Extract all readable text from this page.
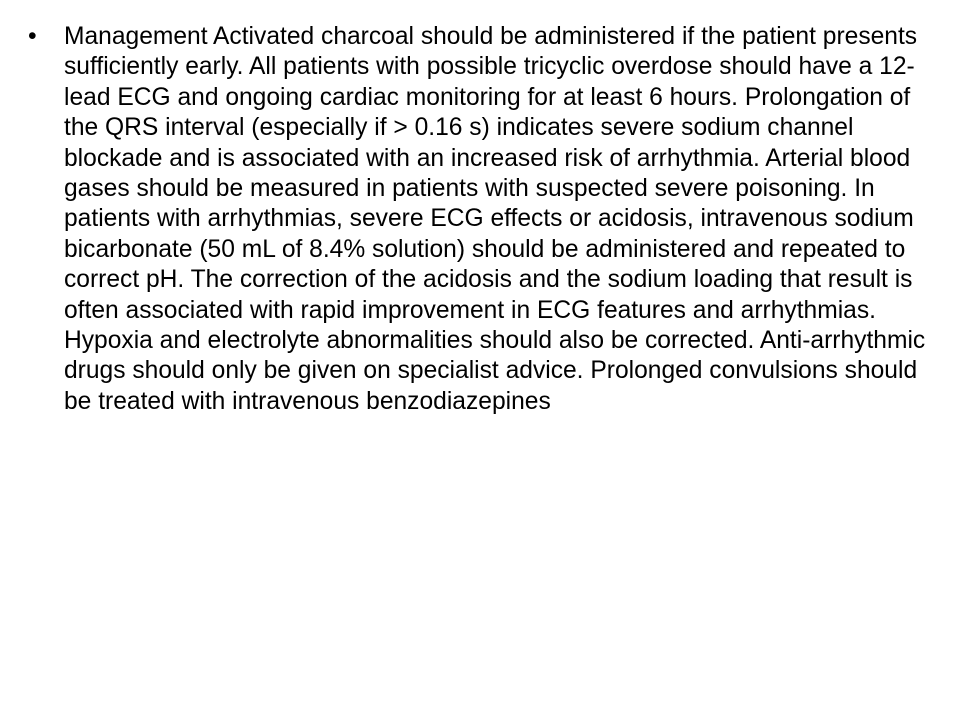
•	Management Activated charcoal should be administered if the patient presents sufficiently early. All patients with possible tricyclic overdose should have a 12-lead ECG and ongoing cardiac monitoring for at least 6 hours. Prolongation of the QRS interval (especially if > 0.16 s) indicates severe sodium channel blockade and is associated with an increased risk of arrhythmia. Arterial blood gases should be measured in patients with suspected severe poisoning. In patients with arrhythmias, severe ECG effects or acidosis, intravenous sodium bicarbonate (50 mL of 8.4% solution) should be administered and repeated to correct pH. The correction of the acidosis and the sodium loading that result is often associated with rapid improvement in ECG features and arrhythmias. Hypoxia and electrolyte abnormalities should also be corrected. Anti-arrhythmic drugs should only be given on specialist advice. Prolonged convulsions should be treated with intravenous benzodiazepines
